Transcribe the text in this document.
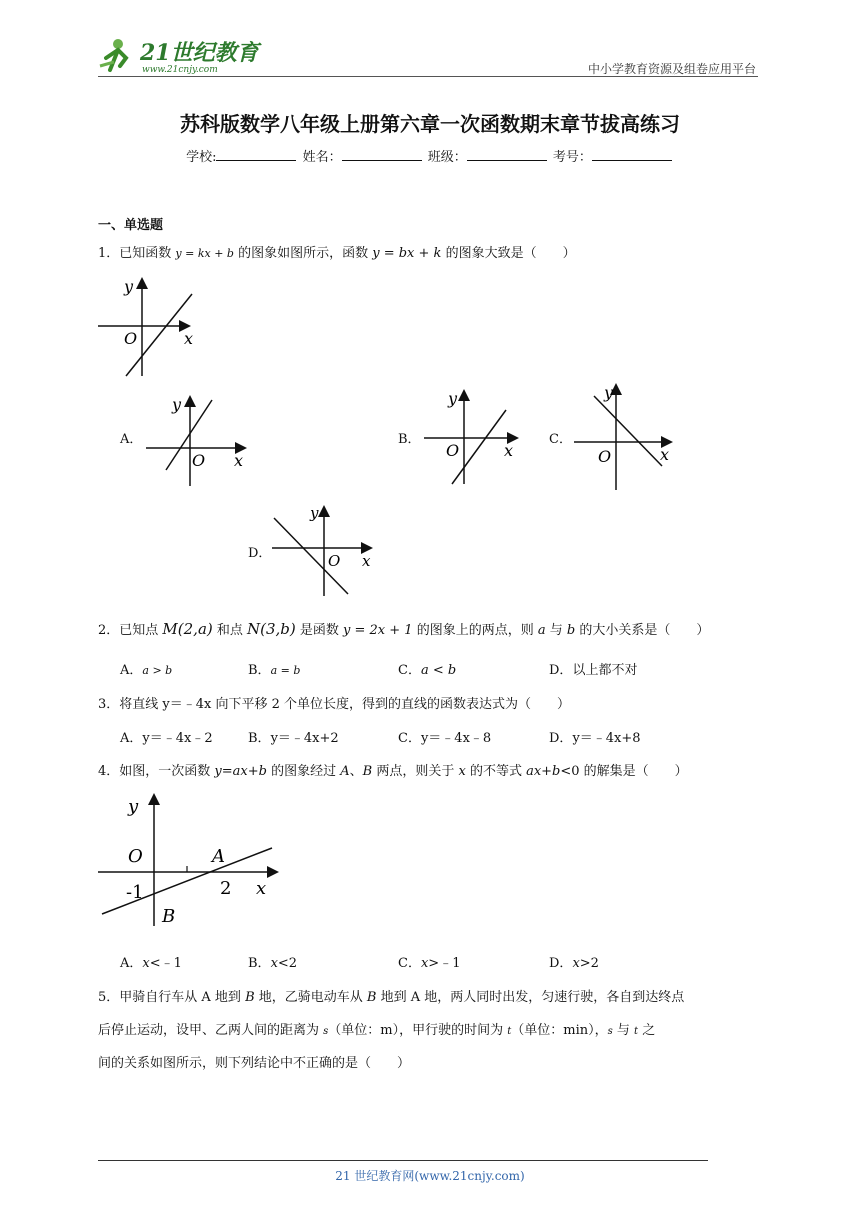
21世纪教育
www.21cnjy.com	中小学教育资源及组卷应用平台
苏科版数学八年级上册第六章一次函数期末章节拔高练习
学校:	姓名：	班级：	考号：
一、单选题
1．已知函数 y = kx + b 的图象如图所示，函数 y = bx + k 的图象大致是（　　）
y
x
O
A．
y
x
O
B．
y
x
O
C．
y
x
O
D．
y
x
O
2．已知点 M(2,a) 和点 N(3,b) 是函数 y = 2x + 1 的图象上的两点，则 a 与 b 的大小关系是（　　）
A．a > b	B．a = b	C．a < b	D．以上都不对
3．将直线 y＝﹣4x 向下平移 2 个单位长度，得到的直线的函数表达式为（　　）
A．y＝﹣4x﹣2	B．y＝﹣4x+2	C．y＝﹣4x﹣8	D．y＝﹣4x+8
4．如图，一次函数 y=ax+b 的图象经过 A、B 两点，则关于 x 的不等式 ax+b<0 的解集是（　　）
y
O	A
2 x
-1
B
A．x<﹣1	B．x<2	C．x>﹣1	D．x>2
5．甲骑自行车从 A 地到 B 地，乙骑电动车从 B 地到 A 地，两人同时出发，匀速行驶，各自到达终点
后停止运动，设甲、乙两人间的距离为 s（单位：m），甲行驶的时间为 t（单位：min），s 与 t 之
间的关系如图所示，则下列结论中不正确的是（　　）
21 世纪教育网(www.21cnjy.com)
